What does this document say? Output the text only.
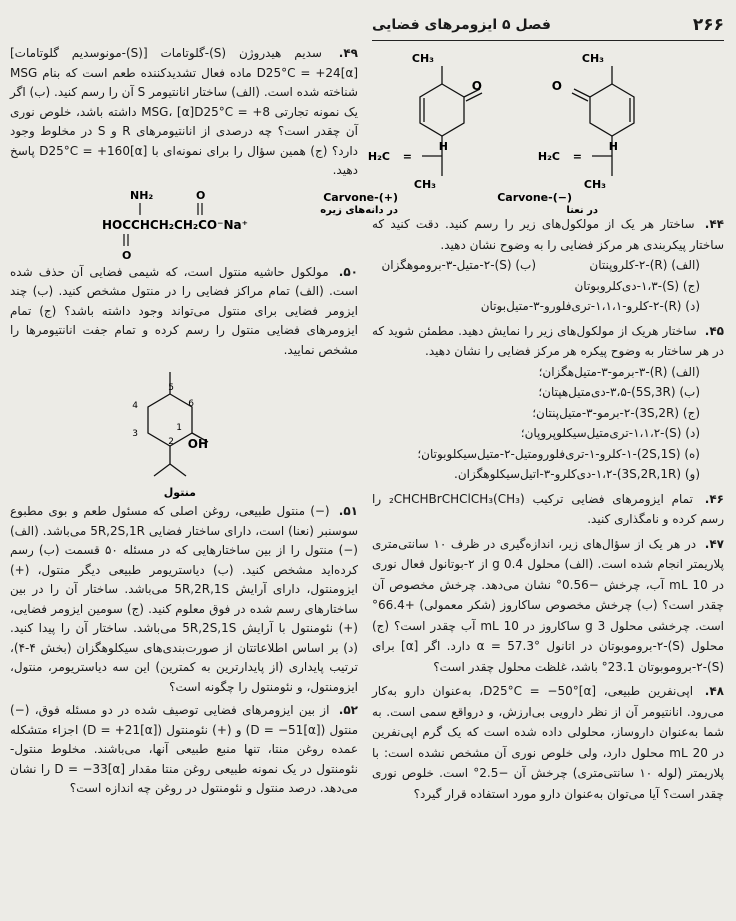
۲۶۶
فصل ۵ ایزومرهای فضایی
CH₃
O
H₂C =
H
CH₃
(+)-Carvone
در دانه‌های زیره
CH₃
O
H₂C =
H
CH₃
(−)-Carvone
در نعنا
۴۴. ساختار هر یک از مولکول‌های زیر را رسم کنید. دقت کنید که ساختار پیکربندی هر مرکز فضایی را به وضوح نشان دهید.
(الف) (R)-۲-کلروپنتان
(ب) (S)-۲-متیل-۳-بروموهگزان

(ج) (S)-۱،۳-دی‌کلروبوتان

(د) (R)-۲-کلرو-۱،۱،۱-تری‌فلورو-۳-متیل‌بوتان

۴۵. ساختار هریک از مولکول‌های زیر را نمایش دهید. مطمئن شوید که در هر ساختار به وضوح پیکره هر مرکز فضایی را نشان دهید.

(الف) (R)-۳-برمو-۳-متیل‌هگزان؛

(ب) (5S,3R)-۳،۵-دی‌متیل‌هپتان؛

(ج) (3S,2R)-۲-برمو-۳-متیل‌پنتان؛

(د) (S)-۱،۱،۲-تری‌متیل‌سیکلوپروپان؛

(ه) (2S,1S)-۱-کلرو-۱-تری‌فلورومتیل-۲-متیل‌سیکلوبوتان؛

(و) (3S,2R,1R)-۱،۲-دی‌کلرو-۳-اتیل‌سیکلوهگزان.

۴۶. تمام ایزومرهای فضایی ترکیب (CH₃)₂CHCHBrCHClCH₃ را رسم کرده و نامگذاری کنید.
۴۷. در هر یک از سؤال‌های زیر، اندازه‌گیری در ظرف ۱۰ سانتی‌متری پلاریمتر انجام شده است. (الف) محلول 0.4 g از ۲-بوتانول فعال نوری در 10 mL آب، چرخش −0.56° نشان می‌دهد. چرخش مخصوص آن چقدر است؟ (ب) چرخش مخصوص ساکاروز (شکر معمولی) +66.4° است. چرخشی محلول 3 g ساکاروز در 10 mL آب چقدر است؟ (ج) محلول (S)-۲-بروموبوتان در اتانول α = 57.3° دارد. اگر [α] برای (S)-۲-بروموبوتان 23.1° باشد، غلظت محلول چقدر است؟
۴۸. اپی‌نفرین طبیعی، [α]D25°C = −50°، به‌عنوان دارو به‌کار می‌رود. انانتیومر آن از نظر دارویی بی‌ارزش، و درواقع سمی است. به شما به‌عنوان داروساز، محلولی داده شده است که یک گرم اپی‌نفرین در 20 mL محلول دارد، ولی خلوص نوری آن مشخص نشده است: با پلاریمتر (لوله ۱۰ سانتی‌متری) چرخش آن −2.5° است. خلوص نوری چقدر است؟ آیا می‌توان به‌عنوان دارو مورد استفاده قرار گیرد؟
۴۹. سدیم هیدروژن (S)-گلوتامات [(S)-مونوسدیم گلوتامات] [α]D25°C = +24 ماده فعال تشدیدکننده طعم است که بنام MSG شناخته شده است. (الف) ساختار انانتیومر S آن را رسم کنید. (ب) اگر یک نمونه تجارتی MSG، [α]D25°C = +8 داشته باشد، خلوص نوری آن چقدر است؟ چه درصدی از انانتیومرهای R و S در مخلوط وجود دارد؟ (ج) همین سؤال را برای نمونه‌ای با [α]D25°C = +160 پاسخ دهید.
NH₂	O
HOCCHCH₂CH₂CO⁻Na⁺
O
۵۰. مولکول حاشیه منتول است، که شیمی فضایی آن حذف شده است. (الف) تمام مراکز فضایی را در منتول مشخص کنید. (ب) چند ایزومر فضایی برای منتول می‌تواند وجود داشته باشد؟ (ج) تمام ایزومرهای فضایی منتول را رسم کرده و تمام جفت انانتیومرها را مشخص نمایید.
5
6
1
2
3
4
OH
منتول
۵۱. (−) منتول طبیعی، روغن اصلی که مسئول طعم و بوی مطبوع سوسنبر (نعنا) است، دارای ساختار فضایی 5R,2S,1R می‌باشد. (الف) (−) منتول را از بین ساختارهایی که در مسئله ۵۰ قسمت (ب) رسم کرده‌اید مشخص کنید. (ب) دیاستریومر طبیعی دیگر منتول، (+) ایزومنتول، دارای آرایش 5R,2R,1S می‌باشد. ساختار آن را در بین ساختارهای رسم شده در فوق معلوم کنید. (ج) سومین ایزومر فضایی، (+) نئومنتول با آرایش 5R,2S,1S می‌باشد. ساختار آن را پیدا کنید. (د) بر اساس اطلاعاتتان از صورت‌بندی‌های سیکلوهگزان (بخش ۴-۴)، ترتیب پایداری (از پایدارترین به کمترین) این سه دیاستریومر، منتول، ایزومنتول، و نئومنتول را چگونه است؟
۵۲. از بین ایزومرهای فضایی توصیف شده در دو مسئله فوق، (−) منتول ([α]D = −51) و (+) نئومنتول ([α]D = +21) اجزاء متشکله عمده روغن منتا، تنها منبع طبیعی آنها، می‌باشند. مخلوط منتول-نئومنتول در یک نمونه طبیعی روغن منتا مقدار [α]D = −33 را نشان می‌دهد. درصد منتول و نئومنتول در روغن چه اندازه است؟
